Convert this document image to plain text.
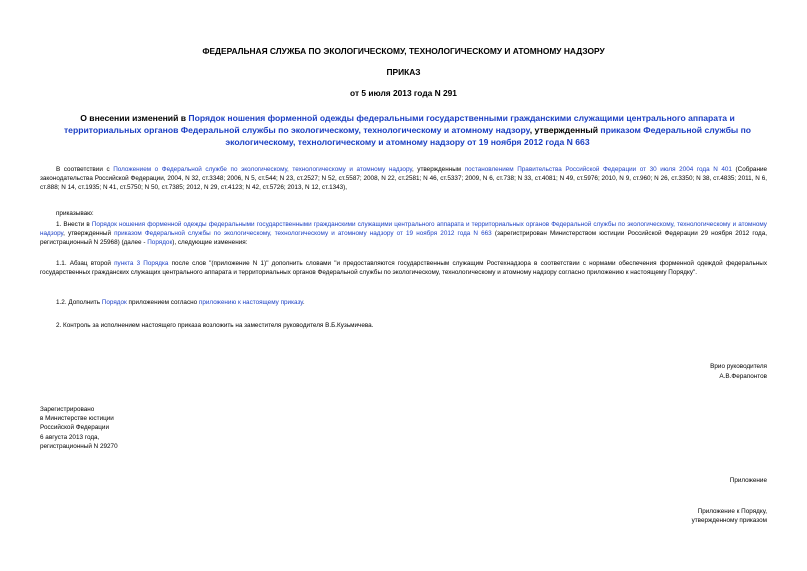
ФЕДЕРАЛЬНАЯ СЛУЖБА ПО ЭКОЛОГИЧЕСКОМУ, ТЕХНОЛОГИЧЕСКОМУ И АТОМНОМУ НАДЗОРУ
ПРИКАЗ
от 5 июля 2013 года N 291
О внесении изменений в Порядок ношения форменной одежды федеральными государственными гражданскими служащими центрального аппарата и территориальных органов Федеральной службы по экологическому, технологическому и атомному надзору, утвержденный приказом Федеральной службы по экологическому, технологическому и атомному надзору от 19 ноября 2012 года N 663
В соответствии с Положением о Федеральной службе по экологическому, технологическому и атомному надзору, утвержденным постановлением Правительства Российской Федерации от 30 июля 2004 года N 401 (Собрание законодательства Российской Федерации, 2004, N 32, ст.3348; 2006, N 5, ст.544; N 23, ст.2527; N 52, ст.5587; 2008, N 22, ст.2581; N 46, ст.5337; 2009, N 6, ст.738; N 33, ст.4081; N 49, ст.5976; 2010, N 9, ст.960; N 26, ст.3350; N 38, ст.4835; 2011, N 6, ст.888; N 14, ст.1935; N 41, ст.5750; N 50, ст.7385; 2012, N 29, ст.4123; N 42, ст.5726; 2013, N 12, ст.1343),
приказываю:
1. Внести в Порядок ношения форменной одежды федеральными государственными гражданскими служащими центрального аппарата и территориальных органов Федеральной службы по экологическому, технологическому и атомному надзору, утвержденный приказом Федеральной службы по экологическому, технологическому и атомному надзору от 19 ноября 2012 года N 663 (зарегистрирован Министерством юстиции Российской Федерации 29 ноября 2012 года, регистрационный N 25968) (далее - Порядок), следующие изменения:
1.1. Абзац второй пункта 3 Порядка после слов "(приложение N 1)" дополнить словами "и предоставляются государственным служащим Ростехнадзора в соответствии с нормами обеспечения форменной одеждой федеральных государственных гражданских служащих центрального аппарата и территориальных органов Федеральной службы по экологическому, технологическому и атомному надзору согласно приложению к настоящему Порядку".
1.2. Дополнить Порядок приложением согласно приложению к настоящему приказу.
2. Контроль за исполнением настоящего приказа возложить на заместителя руководителя В.Б.Кузьмичева.
Врио руководителя
А.В.Ферапонтов
Зарегистрировано
в Министерстве юстиции
Российской Федерации
6 августа 2013 года,
регистрационный N 29270
Приложение
Приложение к Порядку,
утвержденному приказом
